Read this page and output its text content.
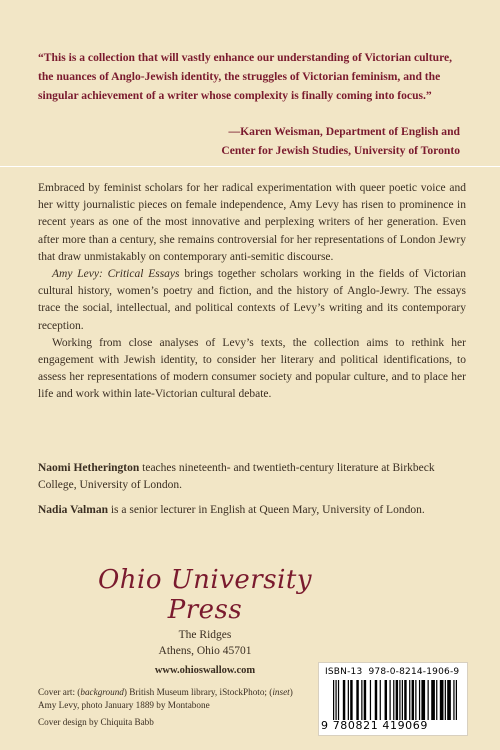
“This is a collection that will vastly enhance our understanding of Victorian culture, the nuances of Anglo-Jewish identity, the struggles of Victorian feminism, and the singular achievement of a writer whose complexity is finally coming into focus.”
—Karen Weisman, Department of English and
Center for Jewish Studies, University of Toronto

Embraced by feminist scholars for her radical experimentation with queer poetic voice and her witty journalistic pieces on female independence, Amy Levy has risen to prominence in recent years as one of the most innovative and perplexing writers of her generation. Even after more than a century, she remains controversial for her representations of London Jewry that draw unmistakably on contemporary anti-semitic discourse.

Amy Levy: Critical Essays brings together scholars working in the fields of Victorian cultural history, women’s poetry and fiction, and the history of Anglo-Jewry. The essays trace the social, intellectual, and political contexts of Levy’s writing and its contemporary reception.

Working from close analyses of Levy’s texts, the collection aims to rethink her engagement with Jewish identity, to consider her literary and political identifications, to assess her representations of modern consumer society and popular culture, and to place her life and work within late-Victorian cultural debate.

Naomi Hetherington teaches nineteenth- and twentieth-century literature at Birkbeck College, University of London.

Nadia Valman is a senior lecturer in English at Queen Mary, University of London.

Ohio University Press
The Ridges
Athens, Ohio 45701
www.ohioswallow.com

Cover art: (background) British Museum library, iStockPhoto; (inset) Amy Levy, photo January 1889 by Montabone

Cover design by Chiquita Babb

ISBN-13 978-0-8214-1906-9
9 780821 419069
